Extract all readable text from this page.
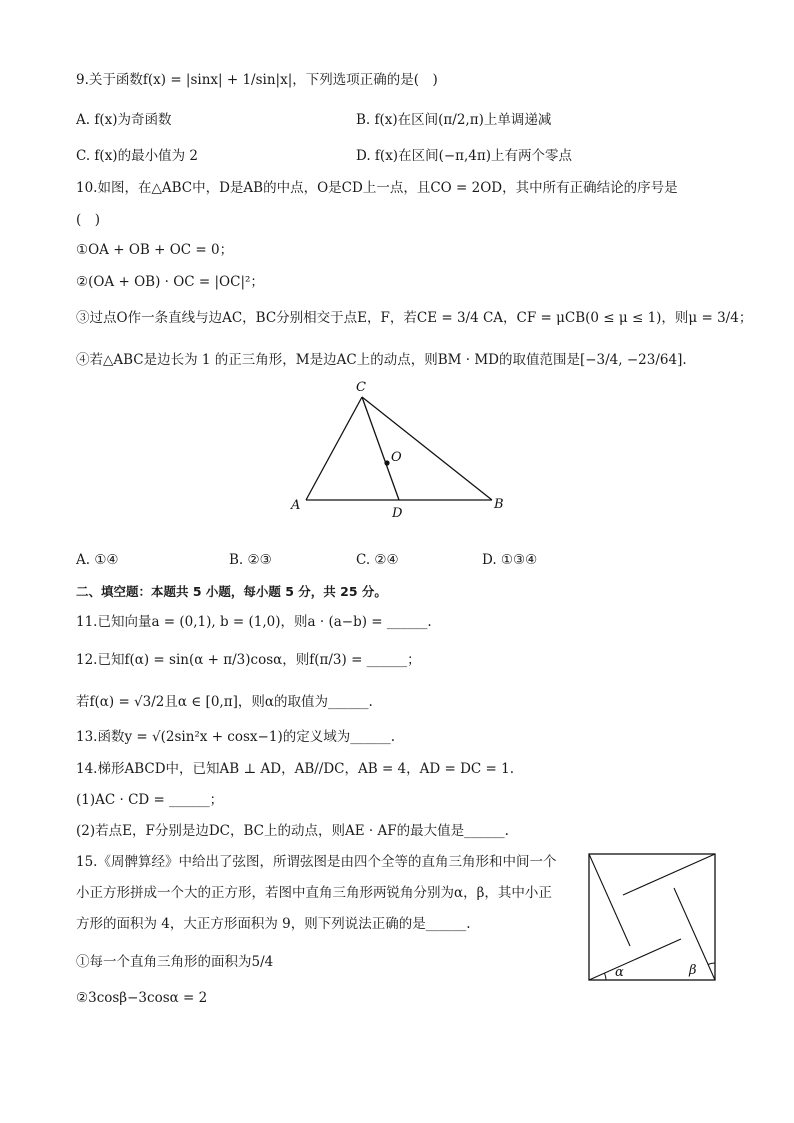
9.关于函数f(x) = |sinx| + 1/sin|x|，下列选项正确的是(　)
A. f(x)为奇函数	B. f(x)在区间(π/2,π)上单调递减
C. f(x)的最小值为 2	D. f(x)在区间(−π,4π)上有两个零点
10.如图，在△ABC中，D是AB的中点，O是CD上一点，且CO = 2OD，其中所有正确结论的序号是
(　)
①OA + OB + OC = 0；
②(OA + OB) · OC = |OC|²；
③过点O作一条直线与边AC，BC分别相交于点E，F，若CE = 3/4 CA，CF = μCB(0 ≤ μ ≤ 1)，则μ = 3/4；
④若△ABC是边长为 1 的正三角形，M是边AC上的动点，则BM · MD的取值范围是[−3/4, −23/64].
C
O
A
D
B
A. ①④	B. ②③	C. ②④	D. ①③④
二、填空题：本题共 5 小题，每小题 5 分，共 25 分。
11.已知向量a = (0,1), b = (1,0)，则a · (a−b) = ______.
12.已知f(α) = sin(α + π/3)cosα，则f(π/3) = ______；
若f(α) = √3/2且α ∈ [0,π]，则α的取值为______.
13.函数y = √(2sin²x + cosx−1)的定义域为______.
14.梯形ABCD中，已知AB ⊥ AD，AB//DC，AB = 4，AD = DC = 1.
(1)AC · CD = ______；
(2)若点E，F分别是边DC，BC上的动点，则AE · AF的最大值是______.
15.《周髀算经》中给出了弦图，所谓弦图是由四个全等的直角三角形和中间一个
小正方形拼成一个大的正方形，若图中直角三角形两锐角分别为α，β，其中小正
方形的面积为 4，大正方形面积为 9，则下列说法正确的是______.
①每一个直角三角形的面积为5/4
②3cosβ−3cosα = 2
α	β
